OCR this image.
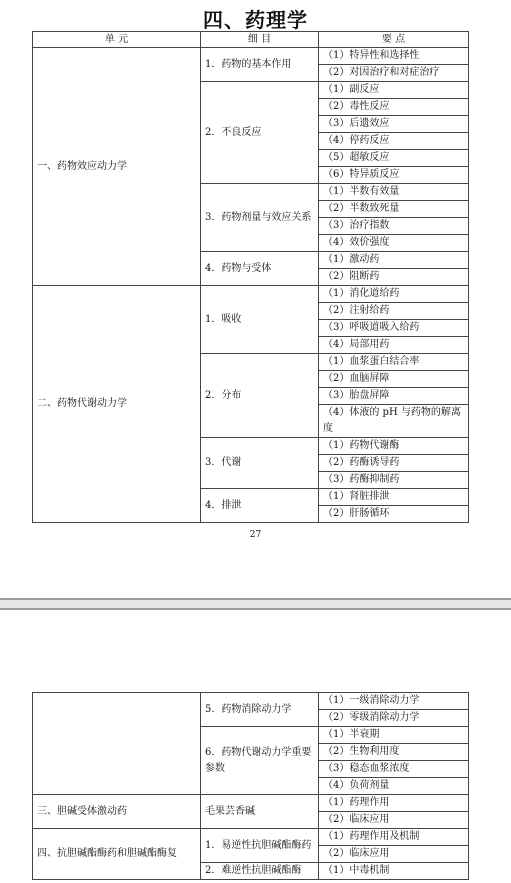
四、药理学
单 元	细 目	要 点
一、药物效应动力学	1．药物的基本作用	（1）特异性和选择性
		（2）对因治疗和对症治疗
	2．不良反应	（1）副反应
		（2）毒性反应
		（3）后遗效应
		（4）停药反应
		（5）超敏反应
		（6）特异质反应
	3．药物剂量与效应关系	（1）半数有效量
		（2）半数致死量
		（3）治疗指数
		（4）效价强度
	4．药物与受体	（1）激动药
		（2）阻断药
二、药物代谢动力学	1．吸收	（1）消化道给药
		（2）注射给药
		（3）呼吸道吸入给药
		（4）局部用药
	2．分布	（1）血浆蛋白结合率
		（2）血脑屏障
		（3）胎盘屏障
		（4）体液的 pH 与药物的解离度
	3．代谢	（1）药物代谢酶
		（2）药酶诱导药
		（3）药酶抑制药
	4．排泄	（1）肾脏排泄
		（2）肝肠循环
27
	5．药物消除动力学	（1）一级消除动力学
		（2）零级消除动力学
	6．药物代谢动力学重要参数	（1）半衰期
		（2）生物利用度
		（3）稳态血浆浓度
		（4）负荷剂量
三、胆碱受体激动药	毛果芸香碱	（1）药理作用
		（2）临床应用
四、抗胆碱酯酶药和胆碱酯酶复	1．易逆性抗胆碱酯酶药	（1）药理作用及机制
		（2）临床应用
	2．难逆性抗胆碱酯酶	（1）中毒机制
